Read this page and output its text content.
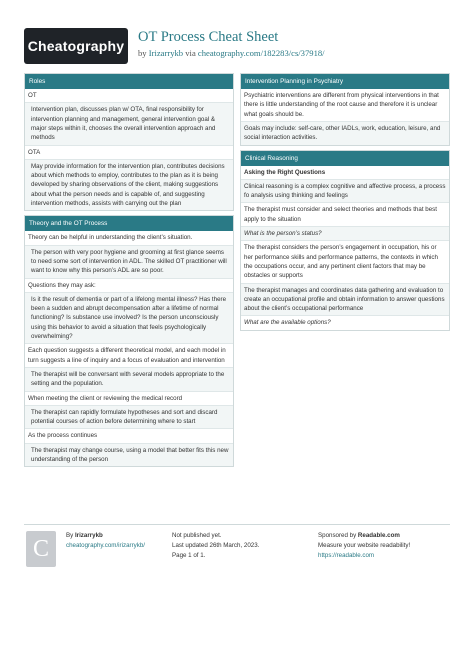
Cheatography
OT Process Cheat Sheet
by Irizarrykb via cheatography.com/182283/cs/37918/
Roles
OT
Intervention plan, discusses plan w/ OTA, final responsibility for intervention planning and management, general intervention goal & major steps within it, chooses the overall intervention approach and methods
OTA
May provide information for the intervention plan, contributes decisions about which methods to employ, contributes to the plan as it is being developed by sharing observations of the client, making suggestions about what the person needs and is capable of, and suggesting intervention methods, assists with carrying out the plan
Theory and the OT Process
Theory can be helpful in understanding the client’s situation.
The person with very poor hygiene and grooming at first glance seems to need some sort of intervention in ADL. The skilled OT practitioner will want to know why this person’s ADL are so poor.
Questions they may ask:
Is it the result of dementia or part of a lifelong mental illness? Has there been a sudden and abrupt decompensation after a lifetime of normal functioning? Is substance use involved? Is the person unconsciously using this behavior to avoid a situation that feels psychologically overwhelming?
Each question suggests a different theoretical model, and each model in turn suggests a line of inquiry and a focus of evaluation and intervention
The therapist will be conversant with several models appropriate to the setting and the population.
When meeting the client or reviewing the medical record
The therapist can rapidly formulate hypotheses and sort and discard potential courses of action before determining where to start
As the process continues
The therapist may change course, using a model that better fits this new understanding of the person
Intervention Planning in Psychiatry
Psychiatric interventions are different from physical interventions in that there is little understanding of the root cause and therefore it is unclear what goals should be.
Goals may include: self-care, other IADLs, work, education, leisure, and social interaction activities.
Clinical Reasoning
Asking the Right Questions
Clinical reasoning is a complex cognitive and affective process, a process fo analysis using thinking and feelings
The therapist must consider and select theories and methods that best apply to the situation
What is the person’s status?
The therapist considers the person’s engagement in occupation, his or her performance skills and performance patterns, the contexts in which the occupations occur, and any pertinent client factors that may be obstacles or supports
The therapist manages and coordinates data gathering and evaluation to create an occupational profile and obtain information to answer questions about the client’s occupational performance
What are the available options?
C	By Irizarrykb
cheatography.com/irizarrykb/
Not published yet.
Last updated 26th March, 2023.
Page 1 of 1.
Sponsored by Readable.com
Measure your website readability!
https://readable.com
